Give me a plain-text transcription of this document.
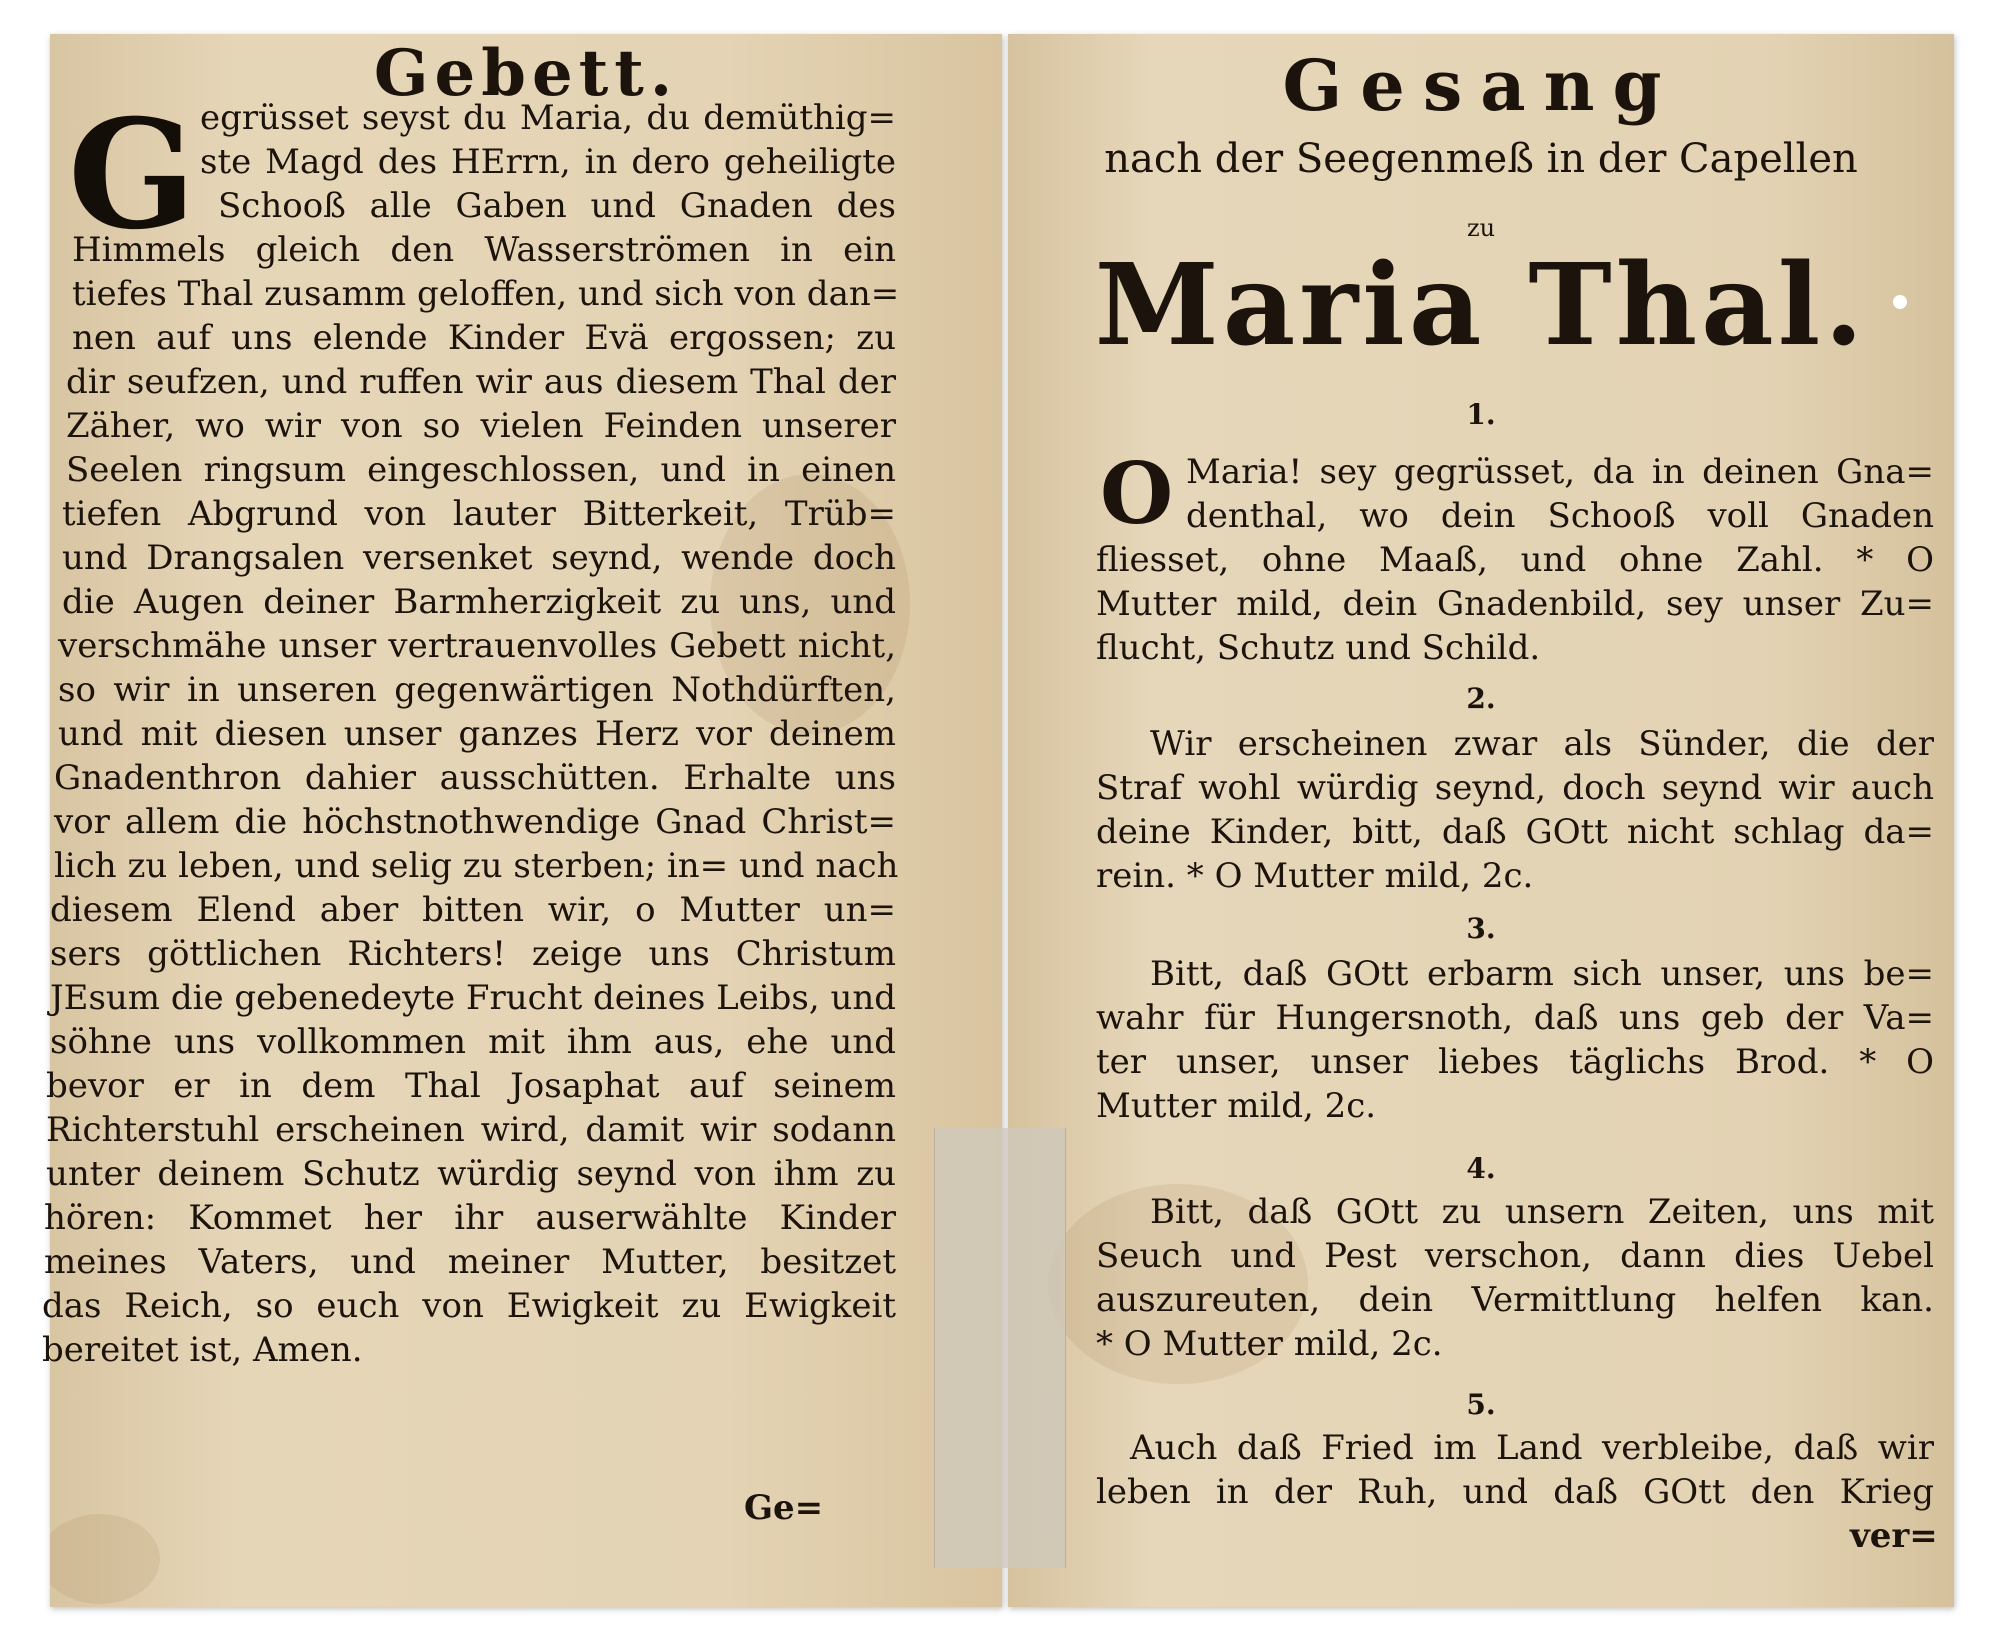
Gebett.
G egrüsset seyst du Maria, du demüthig=
ste Magd des HErrn, in dero geheiligte
Schooß alle Gaben und Gnaden des
Himmels gleich den Wasserströmen in ein
tiefes Thal zusamm geloffen, und sich von dan=
nen auf uns elende Kinder Evä ergossen; zu
dir seufzen, und ruffen wir aus diesem Thal der
Zäher, wo wir von so vielen Feinden unserer
Seelen ringsum eingeschlossen, und in einen
tiefen Abgrund von lauter Bitterkeit, Trüb=
und Drangsalen versenket seynd, wende doch
die Augen deiner Barmherzigkeit zu uns, und
verschmähe unser vertrauenvolles Gebett nicht,
so wir in unseren gegenwärtigen Nothdürften,
und mit diesen unser ganzes Herz vor deinem
Gnadenthron dahier ausschütten. Erhalte uns
vor allem die höchstnothwendige Gnad Christ=
lich zu leben, und selig zu sterben; in= und nach
diesem Elend aber bitten wir, o Mutter un=
sers göttlichen Richters! zeige uns Christum
JEsum die gebenedeyte Frucht deines Leibs, und
söhne uns vollkommen mit ihm aus, ehe und
bevor er in dem Thal Josaphat auf seinem
Richterstuhl erscheinen wird, damit wir sodann
unter deinem Schutz würdig seynd von ihm zu
hören: Kommet her ihr auserwählte Kinder
meines Vaters, und meiner Mutter, besitzet
das Reich, so euch von Ewigkeit zu Ewigkeit
bereitet ist, Amen.
Ge=
Gesang
nach der Seegenmeß in der Capellen
zu
Maria Thal.
1.
O Maria! sey gegrüsset, da in deinen Gna=
denthal, wo dein Schooß voll Gnaden
fliesset, ohne Maaß, und ohne Zahl. * O
Mutter mild, dein Gnadenbild, sey unser Zu=
flucht, Schutz und Schild.
2.
Wir erscheinen zwar als Sünder, die der
Straf wohl würdig seynd, doch seynd wir auch
deine Kinder, bitt, daß GOtt nicht schlag da=
rein. * O Mutter mild, 2c.
3.
Bitt, daß GOtt erbarm sich unser, uns be=
wahr für Hungersnoth, daß uns geb der Va=
ter unser, unser liebes täglichs Brod. * O
Mutter mild, 2c.
4.
Bitt, daß GOtt zu unsern Zeiten, uns mit
Seuch und Pest verschon, dann dies Uebel
auszureuten, dein Vermittlung helfen kan.
* O Mutter mild, 2c.
5.
Auch daß Fried im Land verbleibe, daß wir
leben in der Ruh, und daß GOtt den Krieg
ver=
